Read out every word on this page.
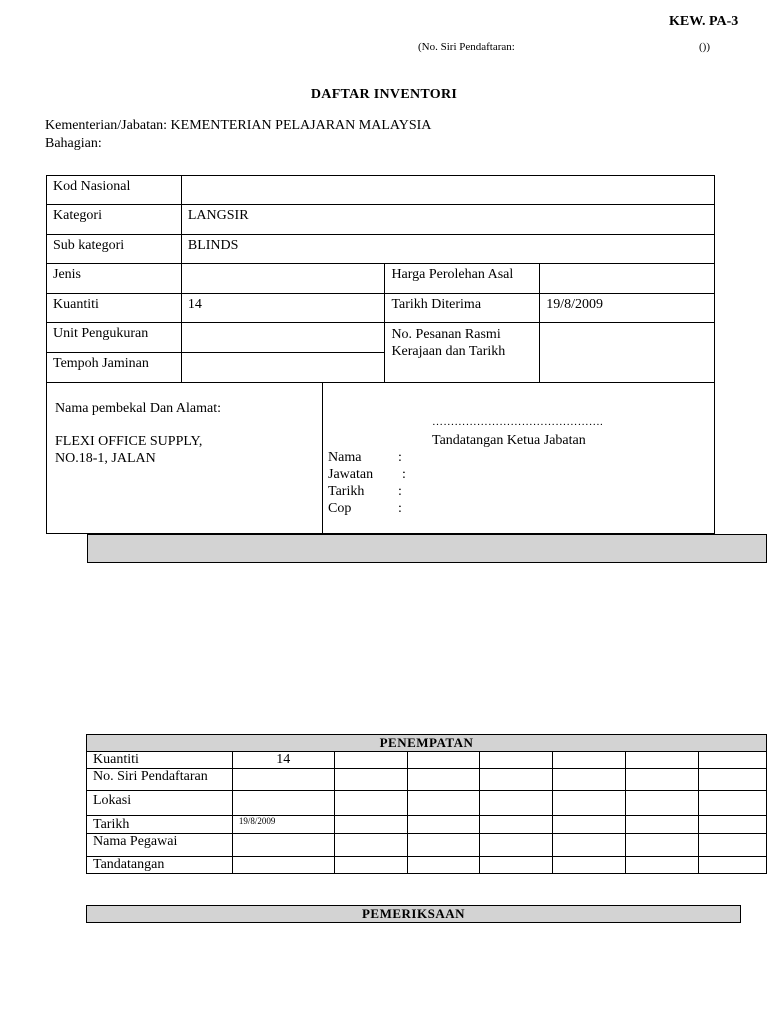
KEW. PA-3
(No. Siri Pendaftaran:	())
DAFTAR INVENTORI
Kementerian/Jabatan: KEMENTERIAN PELAJARAN MALAYSIA
Bahagian:
Kod Nasional			
Kategori	LANGSIR		
Sub kategori	BLINDS		
Jenis		Harga Perolehan Asal	
Kuantiti	14	Tarikh Diterima	19/8/2009
Unit Pengukuran		No. Pesanan Rasmi Kerajaan dan Tarikh	
Tempoh Jaminan			
Nama pembekal Dan Alamat:
FLEXI OFFICE SUPPLY,
NO.18-1, JALAN
……………………………………….
Tandatangan Ketua Jabatan
Nama	:
Jawatan	:
Tarikh	:
Cop	:
PENEMPATAN							
Kuantiti	14						
No. Siri Pendaftaran							
Lokasi							
Tarikh	19/8/2009						
Nama Pegawai							
Tandatangan							
PEMERIKSAAN
